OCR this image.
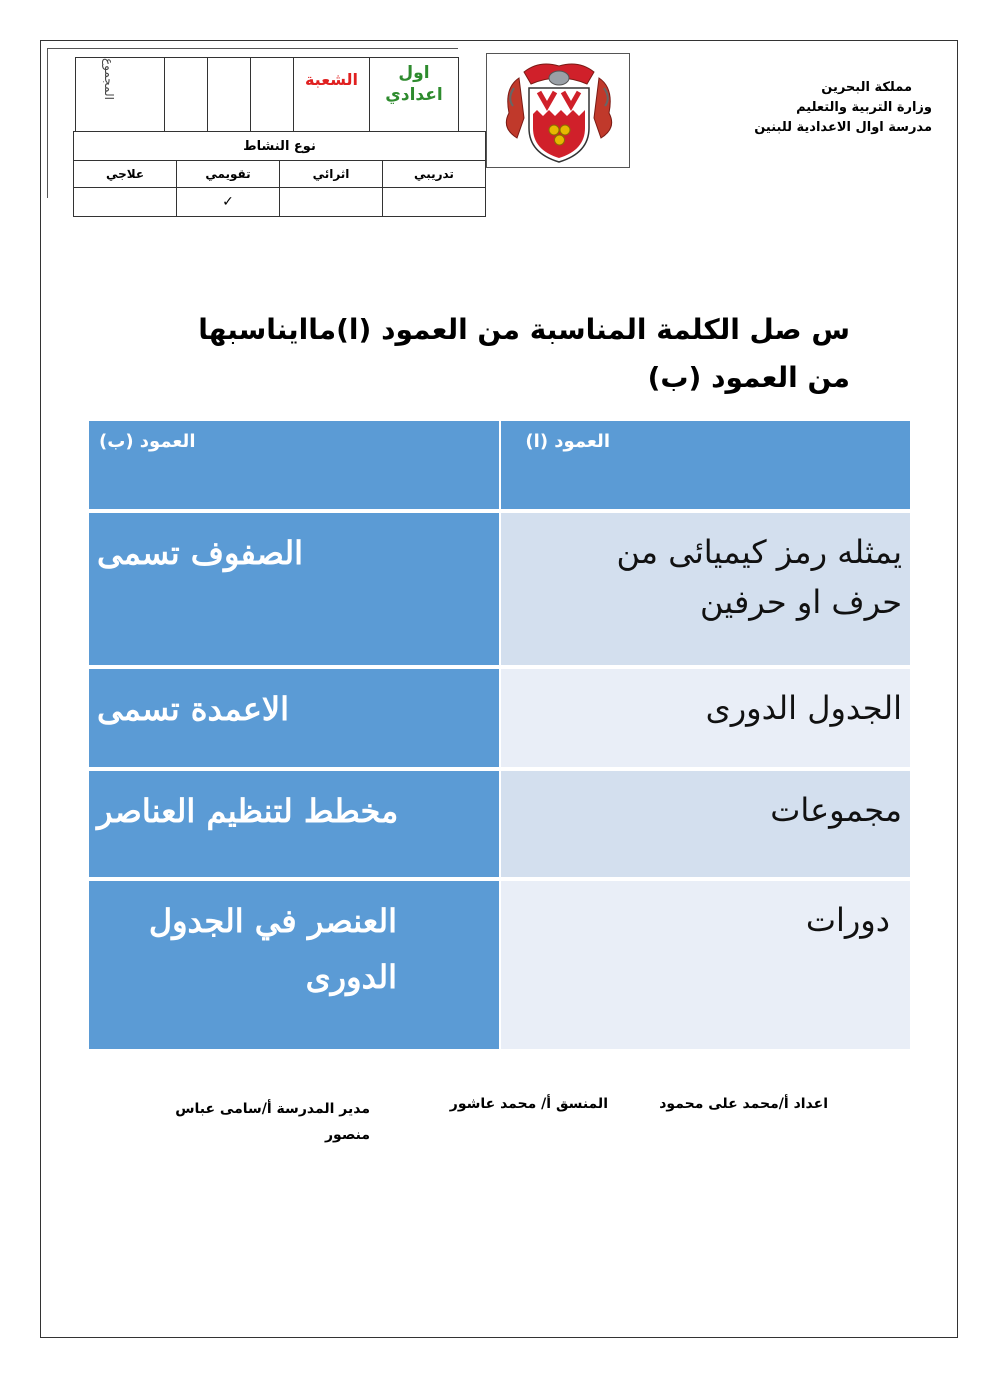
مملكة البحرين
وزارة التربية والتعليم
مدرسة اوال الاعدادية للبنين
المجموع				الشعبة	اول اعدادي
نوع النشاط			
تدريبي	اثرائي	تقويمي	علاجي
		✓	
س صل الكلمة المناسبة من العمود (ا)ماايناسبها من العمود (ب)
العمود (ب)	العمود (ا)

الصفوف تسمى	يمثله رمز كيميائى من حرف او حرفين

الاعمدة تسمى	الجدول الدورى

مخطط لتنظيم العناصر	مجموعات

العنصر في الجدول الدورى	دورات
اعداد أ/محمد على محمود
المنسق أ/ محمد عاشور
مدير المدرسة أ/سامى عباس منصور
